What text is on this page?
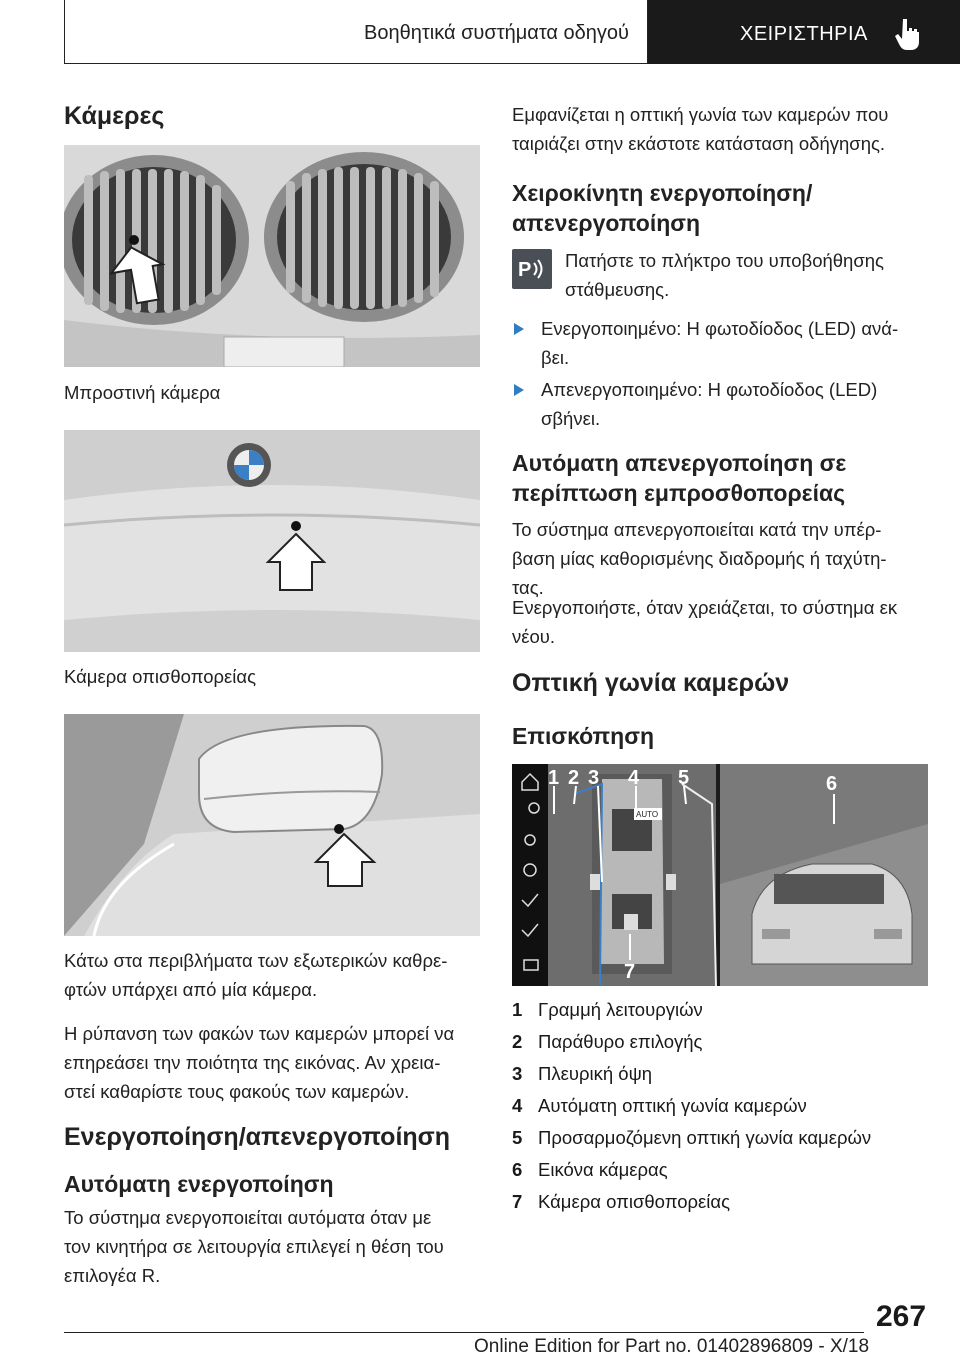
Βοηθητικά συστήματα οδηγού	ΧΕΙΡΙΣΤΗΡΙΑ
Κάμερες
Μπροστινή κάμερα
Κάμερα οπισθοπορείας
Κάτω στα περιβλήματα των εξωτερικών καθρε-
φτών υπάρχει από μία κάμερα.
Η ρύπανση των φακών των καμερών μπορεί να
επηρεάσει την ποιότητα της εικόνας. Αν χρεια-
στεί καθαρίστε τους φακούς των καμερών.
Ενεργοποίηση/απενεργοποίηση
Αυτόματη ενεργοποίηση
Το σύστημα ενεργοποιείται αυτόματα όταν με
τον κινητήρα σε λειτουργία επιλεγεί η θέση του
επιλογέα R.
Εμφανίζεται η οπτική γωνία των καμερών που
ταιριάζει στην εκάστοτε κατάσταση οδήγησης.
Χειροκίνητη ενεργοποίηση/
απενεργοποίηση
P Πατήστε το πλήκτρο του υποβοήθησης
στάθμευσης.
Ενεργοποιημένο: Η φωτοδίοδος (LED) ανά-
βει.
Απενεργοποιημένο: Η φωτοδίοδος (LED)
σβήνει.
Αυτόματη απενεργοποίηση σε
περίπτωση εμπροσθοπορείας
Το σύστημα απενεργοποιείται κατά την υπέρ-
βαση μίας καθορισμένης διαδρομής ή ταχύτη-
τας.
Ενεργοποιήστε, όταν χρειάζεται, το σύστημα εκ
νέου.
Οπτική γωνία καμερών
Επισκόπηση
AUTO
1 2 3 4 5	6
7
1 Γραμμή λειτουργιών
2 Παράθυρο επιλογής
3 Πλευρική όψη
4 Αυτόματη οπτική γωνία καμερών
5 Προσαρμοζόμενη οπτική γωνία καμερών
6 Εικόνα κάμερας
7 Κάμερα οπισθοπορείας
267
Online Edition for Part no. 01402896809 - X/18
